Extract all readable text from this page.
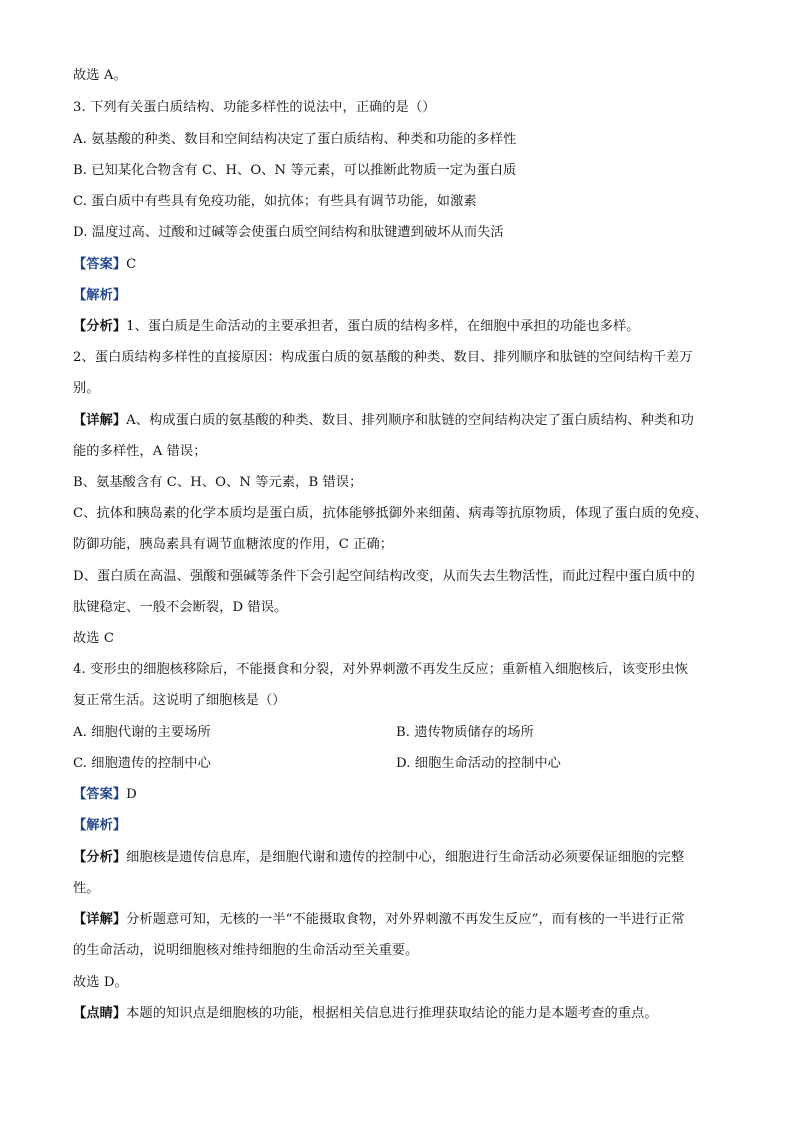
故选 A。
3. 下列有关蛋白质结构、功能多样性的说法中，正确的是（）
A. 氨基酸的种类、数目和空间结构决定了蛋白质结构、种类和功能的多样性
B. 已知某化合物含有 C、H、O、N 等元素，可以推断此物质一定为蛋白质
C. 蛋白质中有些具有免疫功能，如抗体；有些具有调节功能，如激素
D. 温度过高、过酸和过碱等会使蛋白质空间结构和肽键遭到破坏从而失活
【答案】C
【解析】
【分析】1、蛋白质是生命活动的主要承担者，蛋白质的结构多样，在细胞中承担的功能也多样。
2、蛋白质结构多样性的直接原因：构成蛋白质的氨基酸的种类、数目、排列顺序和肽链的空间结构千差万
别。
【详解】A、构成蛋白质的氨基酸的种类、数目、排列顺序和肽链的空间结构决定了蛋白质结构、种类和功
能的多样性，A 错误；
B、氨基酸含有 C、H、O、N 等元素，B 错误；
C、抗体和胰岛素的化学本质均是蛋白质，抗体能够抵御外来细菌、病毒等抗原物质，体现了蛋白质的免疫、
防御功能，胰岛素具有调节血糖浓度的作用，C 正确；
D、蛋白质在高温、强酸和强碱等条件下会引起空间结构改变，从而失去生物活性，而此过程中蛋白质中的
肽键稳定、一般不会断裂，D 错误。
故选 C
4. 变形虫的细胞核移除后，不能摄食和分裂，对外界刺激不再发生反应；重新植入细胞核后，该变形虫恢
复正常生活。这说明了细胞核是（）
A. 细胞代谢的主要场所	B. 遗传物质储存的场所
C. 细胞遗传的控制中心	D. 细胞生命活动的控制中心
【答案】D
【解析】
【分析】细胞核是遗传信息库，是细胞代谢和遗传的控制中心，细胞进行生命活动必须要保证细胞的完整
性。
【详解】分析题意可知，无核的一半“不能摄取食物，对外界刺激不再发生反应”，而有核的一半进行正常
的生命活动，说明细胞核对维持细胞的生命活动至关重要。
故选 D。
【点睛】本题的知识点是细胞核的功能，根据相关信息进行推理获取结论的能力是本题考查的重点。
